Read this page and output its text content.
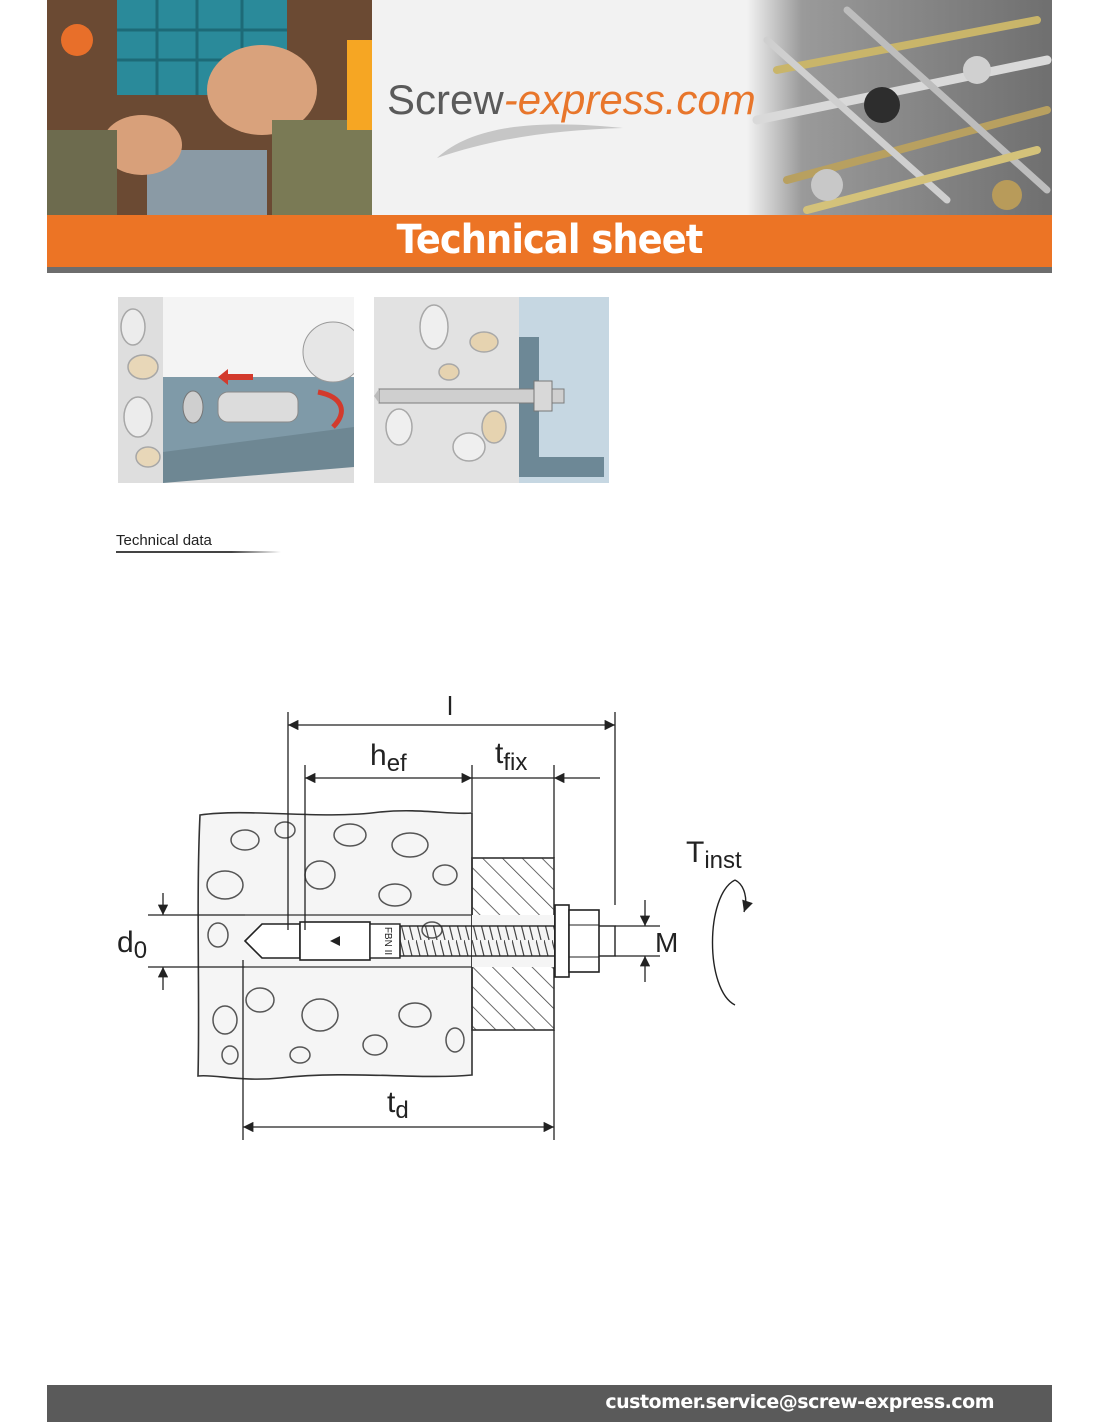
Screw-express.com
Technical sheet
Technical data
FBN II
l
$h_{ef}$	$t_{fix}$
$T_{inst}$
$d_0$	M
$t_d$
customer.service@screw-express.com
